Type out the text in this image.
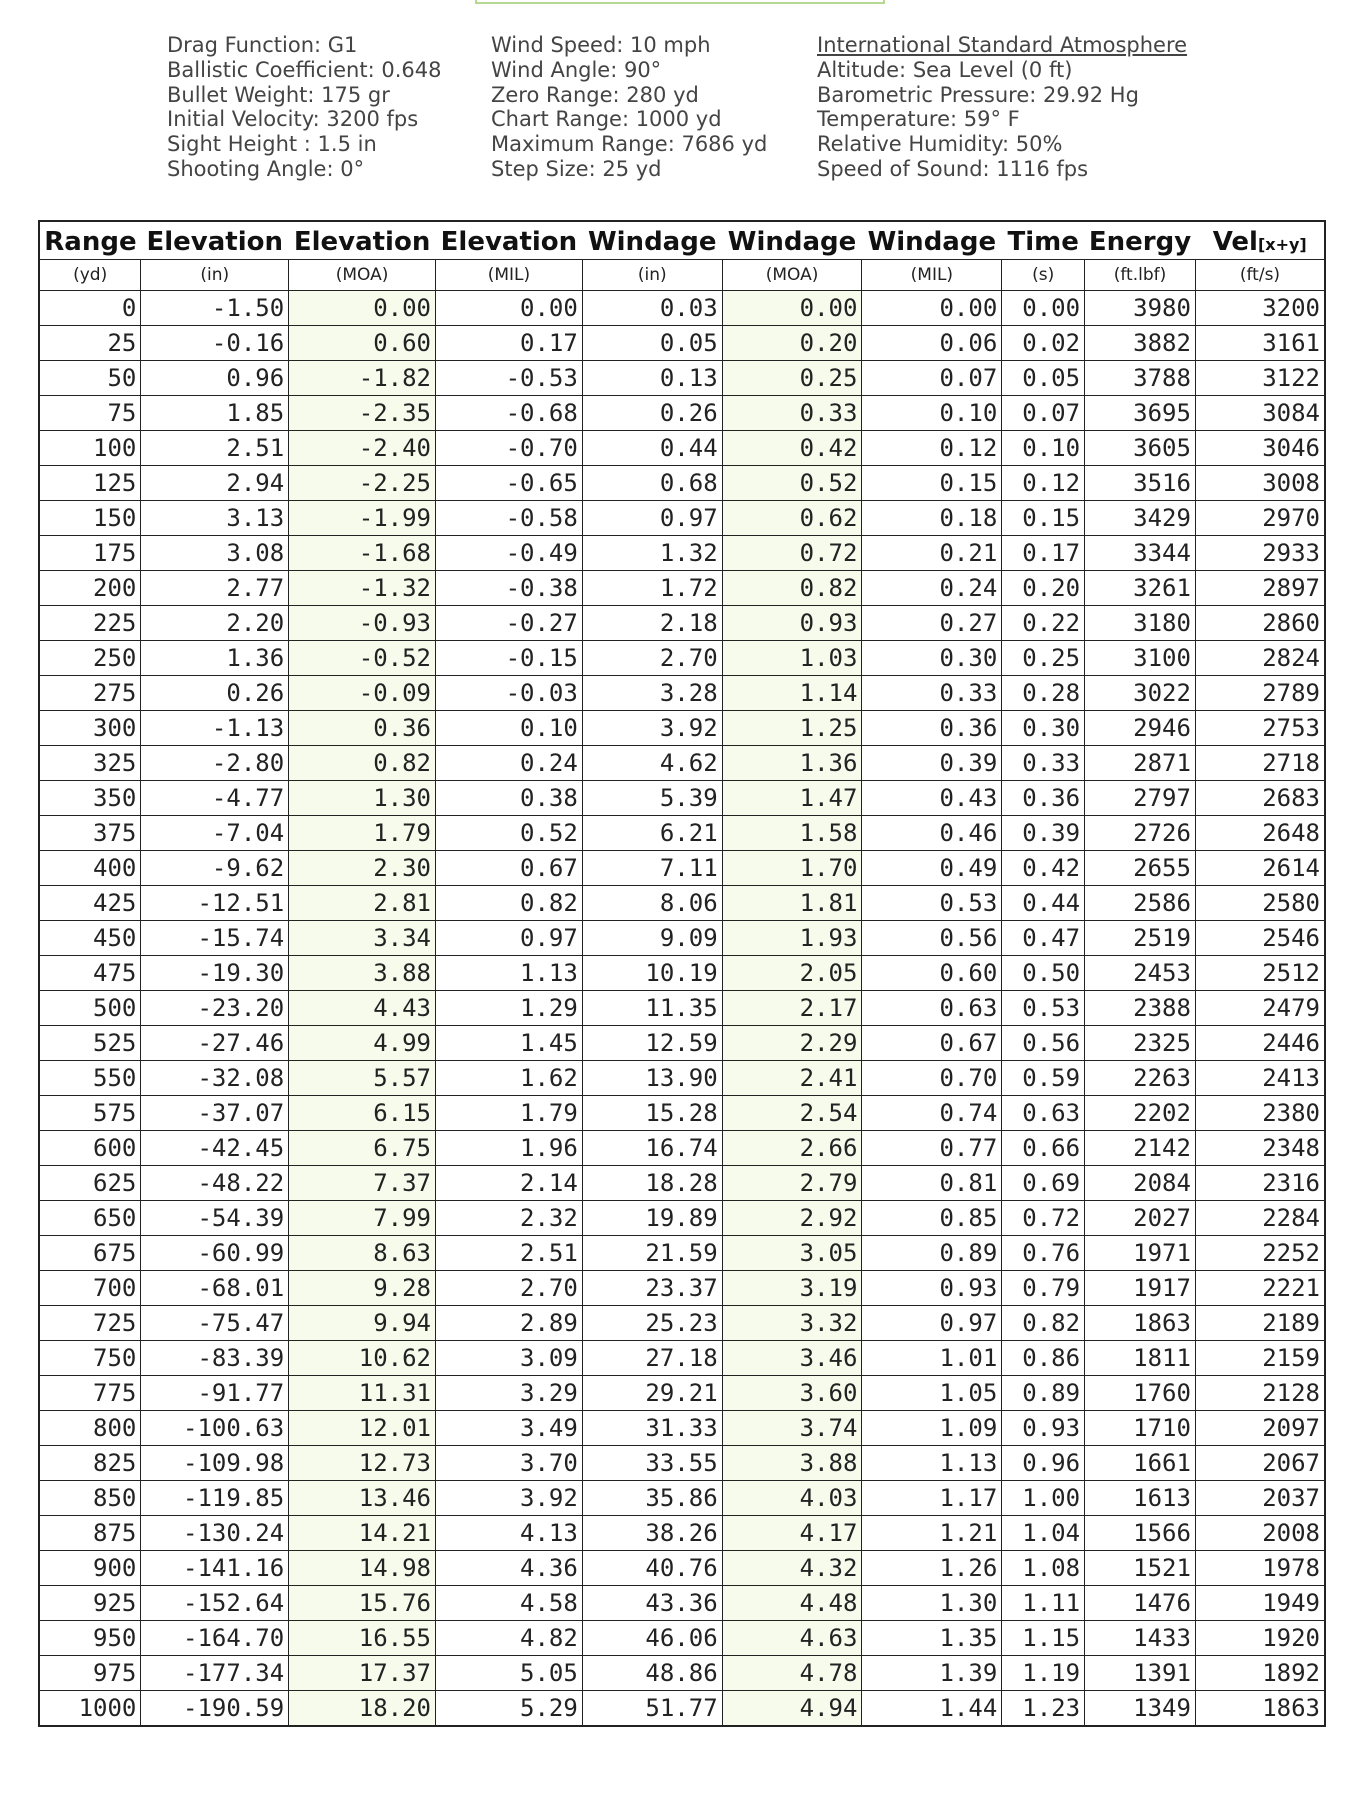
Drag Function: G1
Ballistic Coefficient: 0.648
Bullet Weight: 175 gr
Initial Velocity: 3200 fps
Sight Height : 1.5 in
Shooting Angle: 0°
Wind Speed: 10 mph
Wind Angle: 90°
Zero Range: 280 yd
Chart Range: 1000 yd
Maximum Range: 7686 yd
Step Size: 25 yd
International Standard Atmosphere
Altitude: Sea Level (0 ft)
Barometric Pressure: 29.92 Hg
Temperature: 59° F
Relative Humidity: 50%
Speed of Sound: 1116 fps
Range	Elevation	Elevation	Elevation	Windage	Windage	Windage	Time	Energy	Vel[x+y]
(yd)	(in)	(MOA)	(MIL)	(in)	(MOA)	(MIL)	(s)	(ft.lbf)	(ft/s)
0	-1.50	0.00	0.00	0.03	0.00	0.00	0.00	3980	3200
25	-0.16	0.60	0.17	0.05	0.20	0.06	0.02	3882	3161
50	0.96	-1.82	-0.53	0.13	0.25	0.07	0.05	3788	3122
75	1.85	-2.35	-0.68	0.26	0.33	0.10	0.07	3695	3084
100	2.51	-2.40	-0.70	0.44	0.42	0.12	0.10	3605	3046
125	2.94	-2.25	-0.65	0.68	0.52	0.15	0.12	3516	3008
150	3.13	-1.99	-0.58	0.97	0.62	0.18	0.15	3429	2970
175	3.08	-1.68	-0.49	1.32	0.72	0.21	0.17	3344	2933
200	2.77	-1.32	-0.38	1.72	0.82	0.24	0.20	3261	2897
225	2.20	-0.93	-0.27	2.18	0.93	0.27	0.22	3180	2860
250	1.36	-0.52	-0.15	2.70	1.03	0.30	0.25	3100	2824
275	0.26	-0.09	-0.03	3.28	1.14	0.33	0.28	3022	2789
300	-1.13	0.36	0.10	3.92	1.25	0.36	0.30	2946	2753
325	-2.80	0.82	0.24	4.62	1.36	0.39	0.33	2871	2718
350	-4.77	1.30	0.38	5.39	1.47	0.43	0.36	2797	2683
375	-7.04	1.79	0.52	6.21	1.58	0.46	0.39	2726	2648
400	-9.62	2.30	0.67	7.11	1.70	0.49	0.42	2655	2614
425	-12.51	2.81	0.82	8.06	1.81	0.53	0.44	2586	2580
450	-15.74	3.34	0.97	9.09	1.93	0.56	0.47	2519	2546
475	-19.30	3.88	1.13	10.19	2.05	0.60	0.50	2453	2512
500	-23.20	4.43	1.29	11.35	2.17	0.63	0.53	2388	2479
525	-27.46	4.99	1.45	12.59	2.29	0.67	0.56	2325	2446
550	-32.08	5.57	1.62	13.90	2.41	0.70	0.59	2263	2413
575	-37.07	6.15	1.79	15.28	2.54	0.74	0.63	2202	2380
600	-42.45	6.75	1.96	16.74	2.66	0.77	0.66	2142	2348
625	-48.22	7.37	2.14	18.28	2.79	0.81	0.69	2084	2316
650	-54.39	7.99	2.32	19.89	2.92	0.85	0.72	2027	2284
675	-60.99	8.63	2.51	21.59	3.05	0.89	0.76	1971	2252
700	-68.01	9.28	2.70	23.37	3.19	0.93	0.79	1917	2221
725	-75.47	9.94	2.89	25.23	3.32	0.97	0.82	1863	2189
750	-83.39	10.62	3.09	27.18	3.46	1.01	0.86	1811	2159
775	-91.77	11.31	3.29	29.21	3.60	1.05	0.89	1760	2128
800	-100.63	12.01	3.49	31.33	3.74	1.09	0.93	1710	2097
825	-109.98	12.73	3.70	33.55	3.88	1.13	0.96	1661	2067
850	-119.85	13.46	3.92	35.86	4.03	1.17	1.00	1613	2037
875	-130.24	14.21	4.13	38.26	4.17	1.21	1.04	1566	2008
900	-141.16	14.98	4.36	40.76	4.32	1.26	1.08	1521	1978
925	-152.64	15.76	4.58	43.36	4.48	1.30	1.11	1476	1949
950	-164.70	16.55	4.82	46.06	4.63	1.35	1.15	1433	1920
975	-177.34	17.37	5.05	48.86	4.78	1.39	1.19	1391	1892
1000	-190.59	18.20	5.29	51.77	4.94	1.44	1.23	1349	1863
